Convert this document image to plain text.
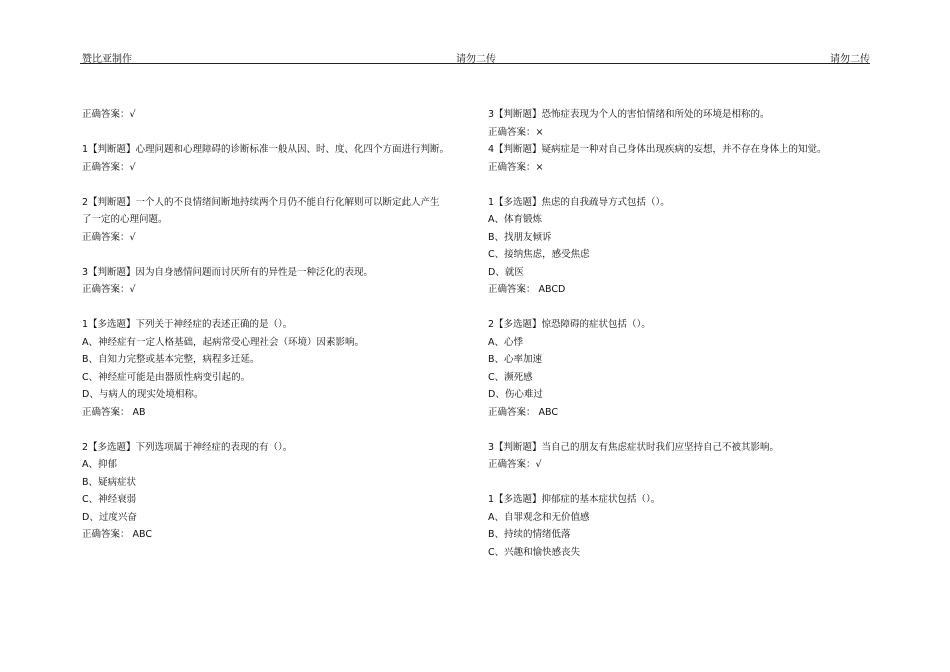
赞比亚制作	请勿二传	请勿二传
正确答案：√
1【判断题】心理问题和心理障碍的诊断标准一般从因、时、度、化四个方面进行判断。
正确答案：√
2【判断题】一个人的不良情绪间断地持续两个月仍不能自行化解则可以断定此人产生
了一定的心理问题。
正确答案：√
3【判断题】因为自身感情问题而讨厌所有的异性是一种泛化的表现。
正确答案：√
1【多选题】下列关于神经症的表述正确的是（）。
A、神经症有一定人格基础，起病常受心理社会（环境）因素影响。
B、自知力完整或基本完整，病程多迁延。
C、神经症可能是由器质性病变引起的。
D、与病人的现实处境相称。
正确答案： AB
2【多选题】下列选项属于神经症的表现的有（）。
A、抑郁
B、疑病症状
C、神经衰弱
D、过度兴奋
正确答案： ABC
3【判断题】恐怖症表现为个人的害怕情绪和所处的环境是相称的。
正确答案：×
4【判断题】疑病症是一种对自己身体出现疾病的妄想，并不存在身体上的知觉。
正确答案：×
1【多选题】焦虑的自我疏导方式包括（）。
A、体育锻炼
B、找朋友倾诉
C、接纳焦虑，感受焦虑
D、就医
正确答案： ABCD
2【多选题】惊恐障碍的症状包括（）。
A、心悸
B、心率加速
C、濒死感
D、伤心难过
正确答案： ABC
3【判断题】当自己的朋友有焦虑症状时我们应坚持自己不被其影响。
正确答案：√
1【多选题】抑郁症的基本症状包括（）。
A、自罪观念和无价值感
B、持续的情绪低落
C、兴趣和愉快感丧失
